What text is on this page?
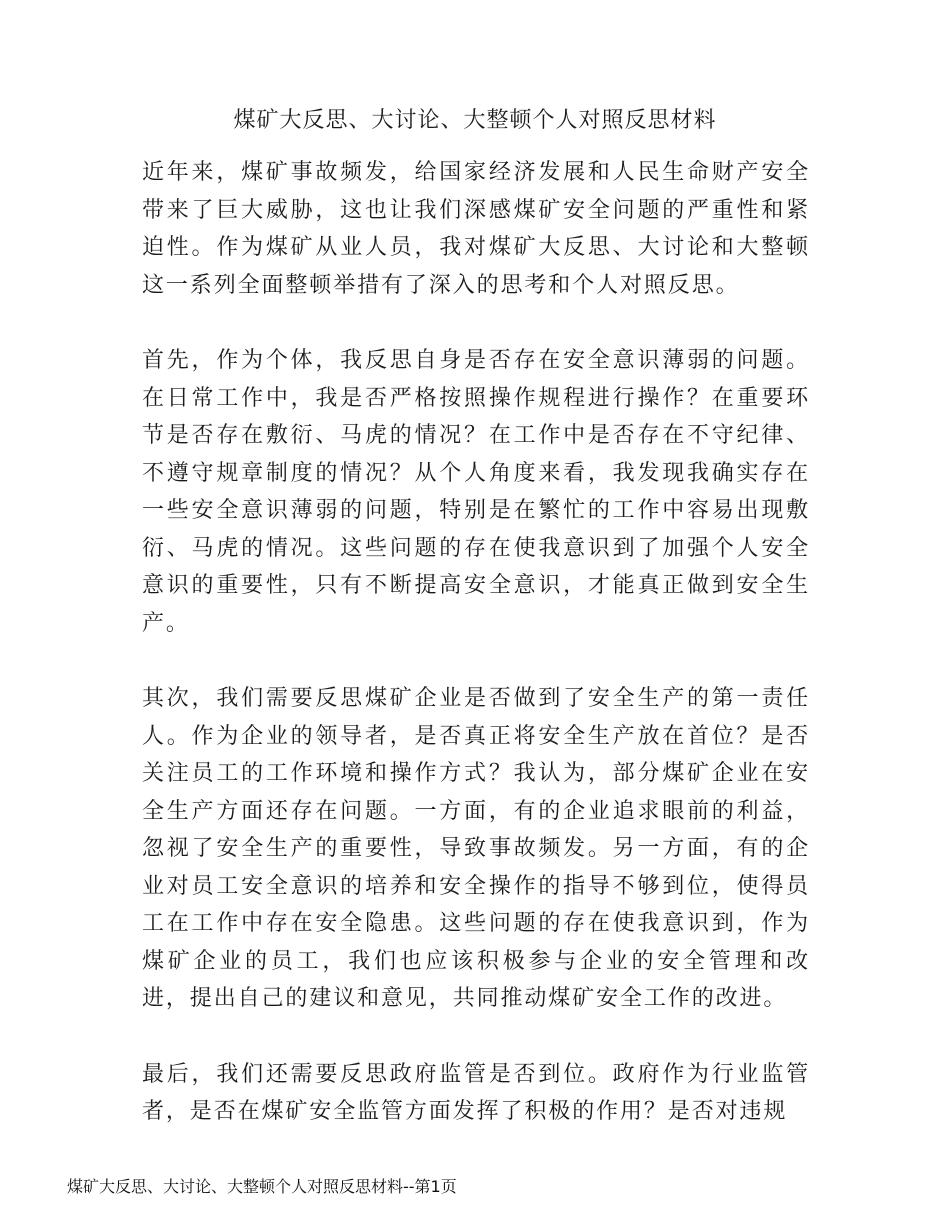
煤矿大反思、大讨论、大整顿个人对照反思材料

近年来，煤矿事故频发，给国家经济发展和人民生命财产安全带来了巨大威胁，这也让我们深感煤矿安全问题的严重性和紧迫性。作为煤矿从业人员，我对煤矿大反思、大讨论和大整顿这一系列全面整顿举措有了深入的思考和个人对照反思。

首先，作为个体，我反思自身是否存在安全意识薄弱的问题。在日常工作中，我是否严格按照操作规程进行操作？在重要环节是否存在敷衍、马虎的情况？在工作中是否存在不守纪律、不遵守规章制度的情况？从个人角度来看，我发现我确实存在一些安全意识薄弱的问题，特别是在繁忙的工作中容易出现敷衍、马虎的情况。这些问题的存在使我意识到了加强个人安全意识的重要性，只有不断提高安全意识，才能真正做到安全生产。

其次，我们需要反思煤矿企业是否做到了安全生产的第一责任人。作为企业的领导者，是否真正将安全生产放在首位？是否关注员工的工作环境和操作方式？我认为，部分煤矿企业在安全生产方面还存在问题。一方面，有的企业追求眼前的利益，忽视了安全生产的重要性，导致事故频发。另一方面，有的企业对员工安全意识的培养和安全操作的指导不够到位，使得员工在工作中存在安全隐患。这些问题的存在使我意识到，作为煤矿企业的员工，我们也应该积极参与企业的安全管理和改进，提出自己的建议和意见，共同推动煤矿安全工作的改进。

最后，我们还需要反思政府监管是否到位。政府作为行业监管者，是否在煤矿安全监管方面发挥了积极的作用？是否对违规

煤矿大反思、大讨论、大整顿个人对照反思材料--第1页
